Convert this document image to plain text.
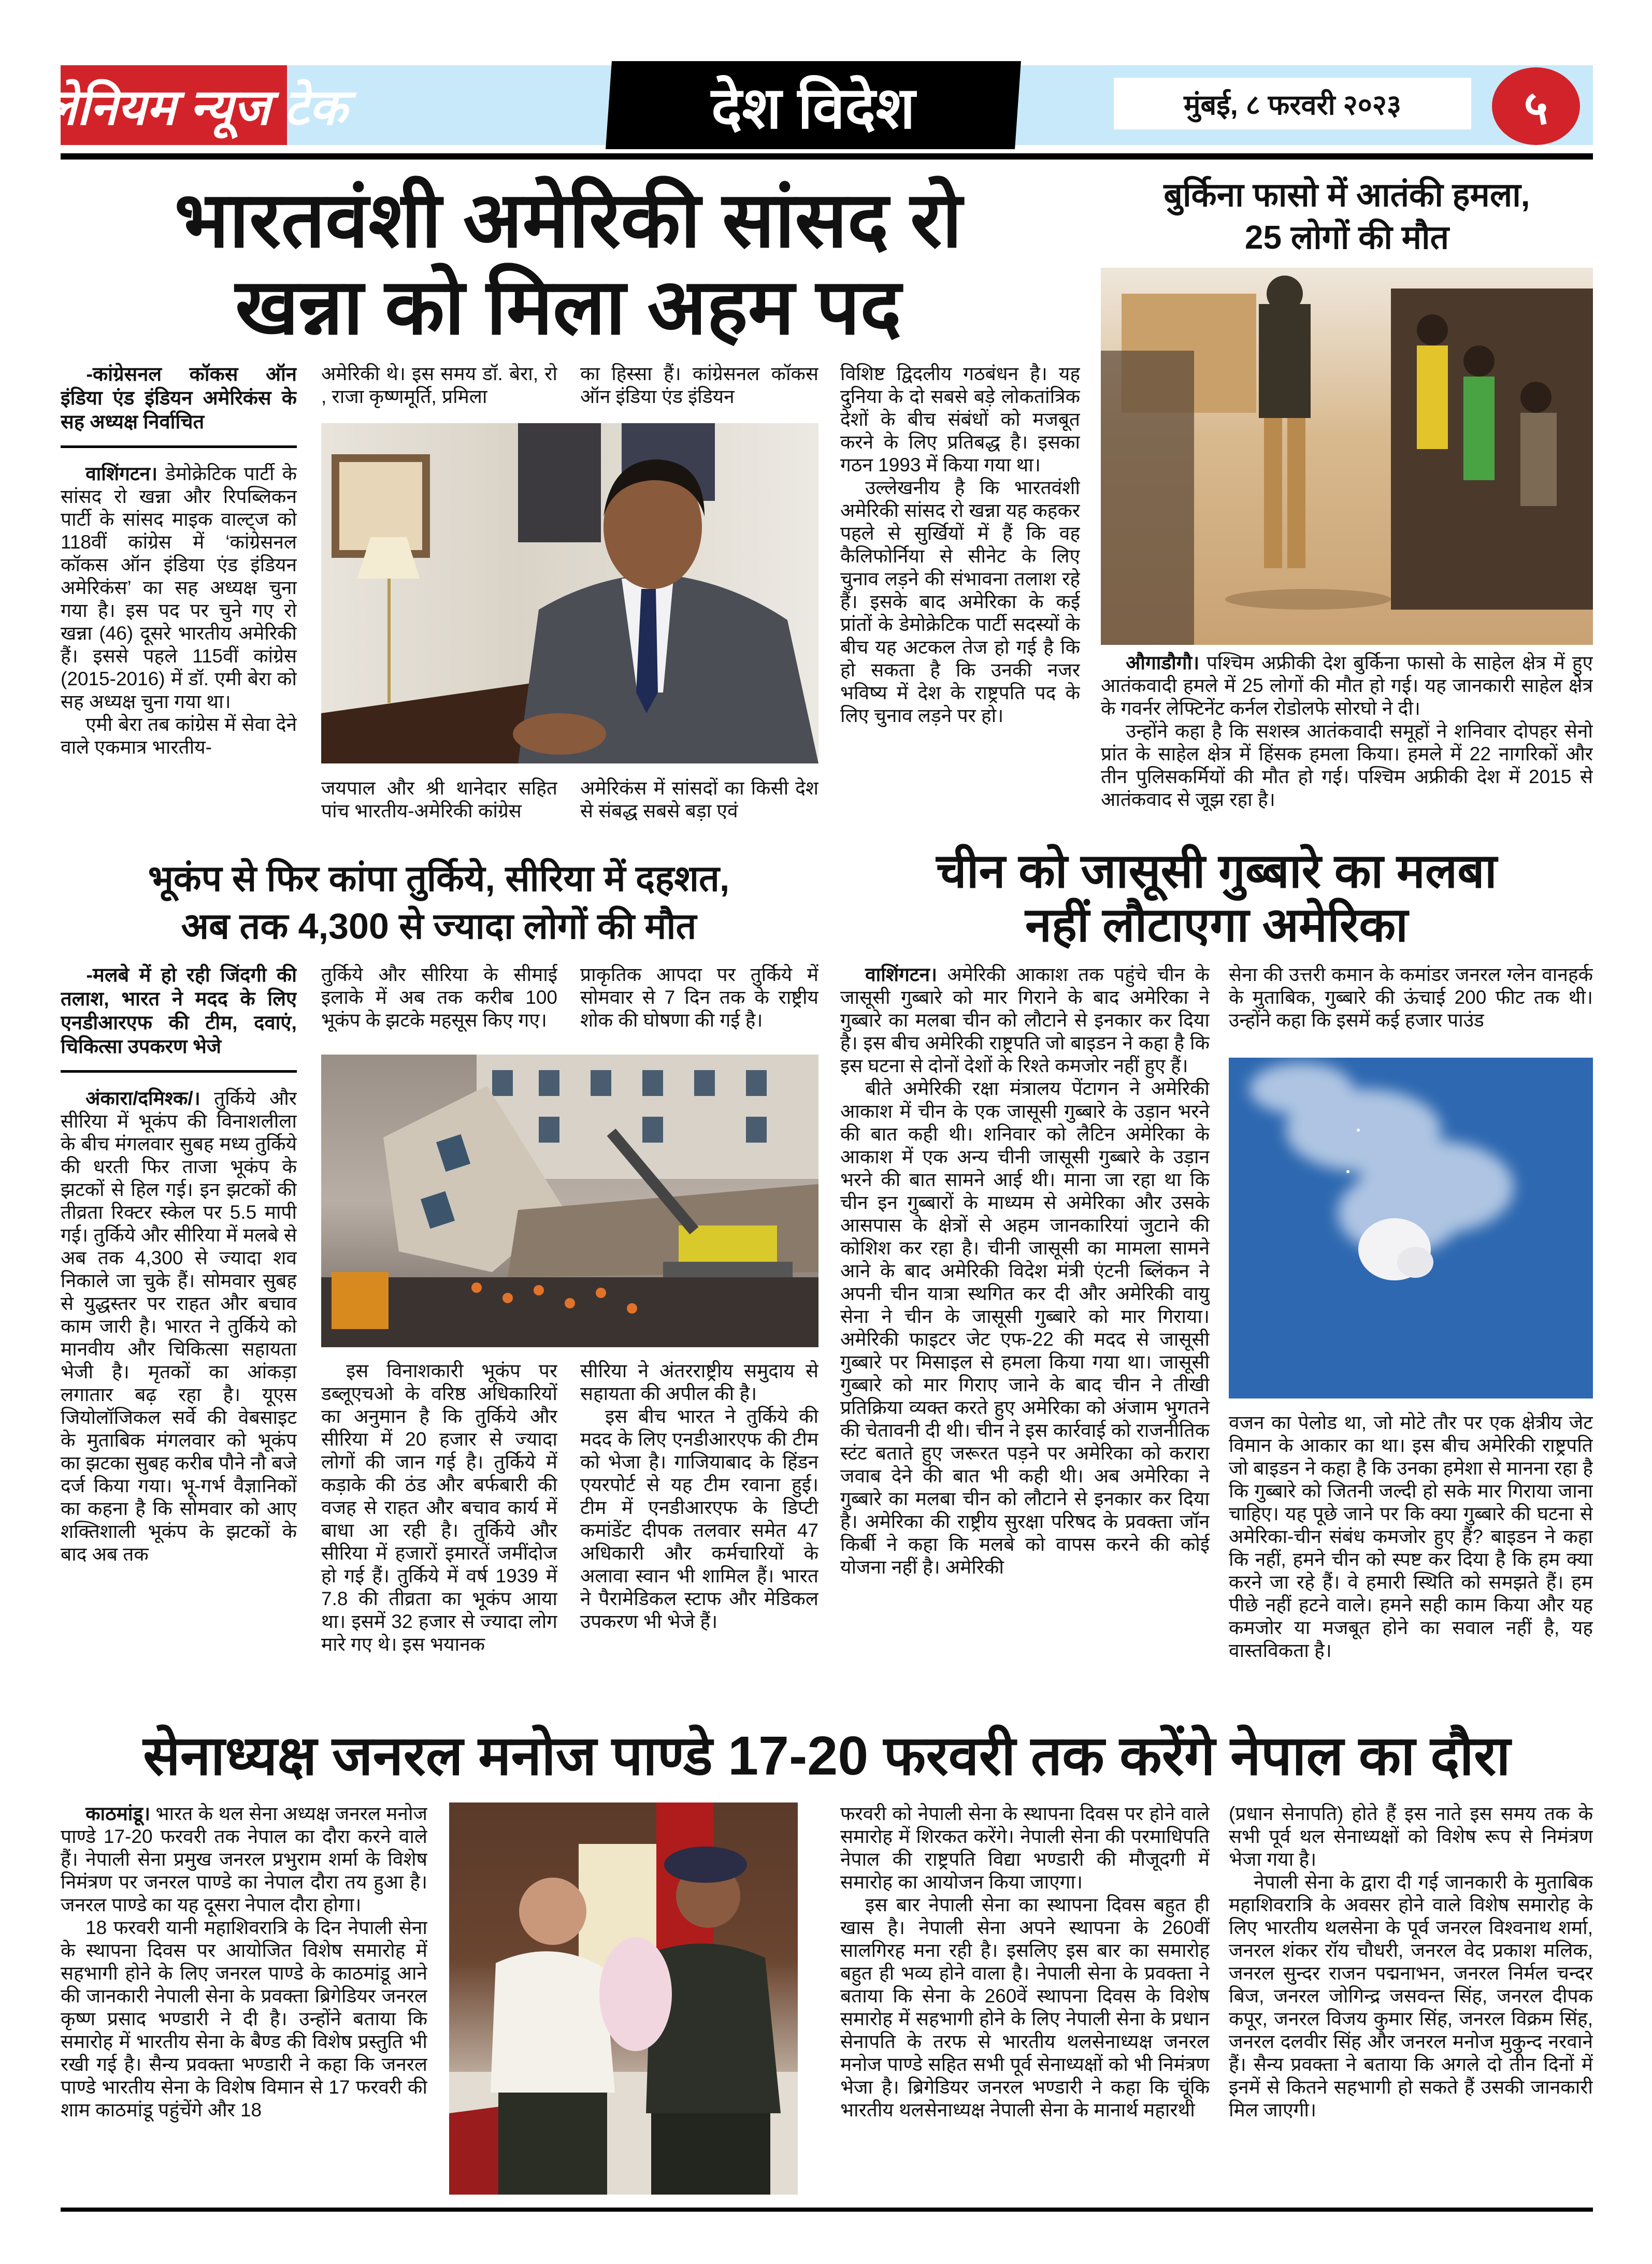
मिलेनियम न्यूज टेक	देश विदेश	मुंबई, ८ फरवरी २०२३	५
भारतवंशी अमेरिकी सांसद रो
खन्ना को मिला अहम पद

-कांग्रेसनल कॉकस ऑन इंडिया एंड इंडियन अमेरिकंस के सह अध्यक्ष निर्वाचित

वाशिंगटन। डेमोक्रेटिक पार्टी के सांसद रो खन्ना और रिपब्लिकन पार्टी के सांसद माइक वाल्ट्ज को 118वीं कांग्रेस में ‘कांग्रेसनल कॉकस ऑन इंडिया एंड इंडियन अमेरिकंस’ का सह अध्यक्ष चुना गया है। इस पद पर चुने गए रो खन्ना (46) दूसरे भारतीय अमेरिकी हैं। इससे पहले 115वीं कांग्रेस (2015-2016) में डॉ. एमी बेरा को सह अध्यक्ष चुना गया था।

एमी बेरा तब कांग्रेस में सेवा देने वाले एकमात्र भारतीय-

अमेरिकी थे। इस समय डॉ. बेरा, रो , राजा कृष्णमूर्ति, प्रमिला

का हिस्सा हैं। कांग्रेसनल कॉकस ऑन इंडिया एंड इंडियन

जयपाल और श्री थानेदार सहित पांच भारतीय-अमेरिकी कांग्रेस

अमेरिकंस में सांसदों का किसी देश से संबद्ध सबसे बड़ा एवं

विशिष्ट द्विदलीय गठबंधन है। यह दुनिया के दो सबसे बड़े लोकतांत्रिक देशों के बीच संबंधों को मजबूत करने के लिए प्रतिबद्ध है। इसका गठन 1993 में किया गया था।

उल्लेखनीय है कि भारतवंशी अमेरिकी सांसद रो खन्ना यह कहकर पहले से सुर्खियों में हैं कि वह कैलिफोर्निया से सीनेट के लिए चुनाव लड़ने की संभावना तलाश रहे हैं। इसके बाद अमेरिका के कई प्रांतों के डेमोक्रेटिक पार्टी सदस्यों के बीच यह अटकल तेज हो गई है कि हो सकता है कि उनकी नजर भविष्य में देश के राष्ट्रपति पद के लिए चुनाव लड़ने पर हो।

बुर्किना फासो में आतंकी हमला,
25 लोगों की मौत

औगाडौगौ। पश्चिम अफ्रीकी देश बुर्किना फासो के साहेल क्षेत्र में हुए आतंकवादी हमले में 25 लोगों की मौत हो गई। यह जानकारी साहेल क्षेत्र के गवर्नर लेफ्टिनेंट कर्नल रोडोलफे सोरघो ने दी।

उन्होंने कहा है कि सशस्त्र आतंकवादी समूहों ने शनिवार दोपहर सेनो प्रांत के साहेल क्षेत्र में हिंसक हमला किया। हमले में 22 नागरिकों और तीन पुलिसकर्मियों की मौत हो गई। पश्चिम अफ्रीकी देश में 2015 से आतंकवाद से जूझ रहा है।

भूकंप से फिर कांपा तुर्किये, सीरिया में दहशत,
अब तक 4,300 से ज्यादा लोगों की मौत

-मलबे में हो रही जिंदगी की तलाश, भारत ने मदद के लिए एनडीआरएफ की टीम, दवाएं, चिकित्सा उपकरण भेजे

अंकारा/दमिश्क/। तुर्किये और सीरिया में भूकंप की विनाशलीला के बीच मंगलवार सुबह मध्य तुर्किये की धरती फिर ताजा भूकंप के झटकों से हिल गई। इन झटकों की तीव्रता रिक्टर स्केल पर 5.5 मापी गई। तुर्किये और सीरिया में मलबे से अब तक 4,300 से ज्यादा शव निकाले जा चुके हैं। सोमवार सुबह से युद्धस्तर पर राहत और बचाव काम जारी है। भारत ने तुर्किये को मानवीय और चिकित्सा सहायता भेजी है। मृतकों का आंकड़ा लगातार बढ़ रहा है। यूएस जियोलॉजिकल सर्वे की वेबसाइट के मुताबिक मंगलवार को भूकंप का झटका सुबह करीब पौने नौ बजे दर्ज किया गया। भू-गर्भ वैज्ञानिकों का कहना है कि सोमवार को आए शक्तिशाली भूकंप के झटकों के बाद अब तक

तुर्किये और सीरिया के सीमाई इलाके में अब तक करीब 100 भूकंप के झटके महसूस किए गए।

प्राकृतिक आपदा पर तुर्किये में सोमवार से 7 दिन तक के राष्ट्रीय शोक की घोषणा की गई है।

इस विनाशकारी भूकंप पर डब्लूएचओ के वरिष्ठ अधिकारियों का अनुमान है कि तुर्किये और सीरिया में 20 हजार से ज्यादा लोगों की जान गई है। तुर्किये में कड़ाके की ठंड और बर्फबारी की वजह से राहत और बचाव कार्य में बाधा आ रही है। तुर्किये और सीरिया में हजारों इमारतें जमींदोज हो गई हैं। तुर्किये में वर्ष 1939 में 7.8 की तीव्रता का भूकंप आया था। इसमें 32 हजार से ज्यादा लोग मारे गए थे। इस भयानक

सीरिया ने अंतरराष्ट्रीय समुदाय से सहायता की अपील की है।

इस बीच भारत ने तुर्किये की मदद के लिए एनडीआरएफ की टीम को भेजा है। गाजियाबाद के हिंडन एयरपोर्ट से यह टीम रवाना हुई। टीम में एनडीआरएफ के डिप्टी कमांडेंट दीपक तलवार समेत 47 अधिकारी और कर्मचारियों के अलावा स्वान भी शामिल हैं। भारत ने पैरामेडिकल स्टाफ और मेडिकल उपकरण भी भेजे हैं।

चीन को जासूसी गुब्बारे का मलबा
नहीं लौटाएगा अमेरिका

वाशिंगटन। अमेरिकी आकाश तक पहुंचे चीन के जासूसी गुब्बारे को मार गिराने के बाद अमेरिका ने गुब्बारे का मलबा चीन को लौटाने से इनकार कर दिया है। इस बीच अमेरिकी राष्ट्रपति जो बाइडन ने कहा है कि इस घटना से दोनों देशों के रिश्ते कमजोर नहीं हुए हैं।

बीते अमेरिकी रक्षा मंत्रालय पेंटागन ने अमेरिकी आकाश में चीन के एक जासूसी गुब्बारे के उड़ान भरने की बात कही थी। शनिवार को लैटिन अमेरिका के आकाश में एक अन्य चीनी जासूसी गुब्बारे के उड़ान भरने की बात सामने आई थी। माना जा रहा था कि चीन इन गुब्बारों के माध्यम से अमेरिका और उसके आसपास के क्षेत्रों से अहम जानकारियां जुटाने की कोशिश कर रहा है। चीनी जासूसी का मामला सामने आने के बाद अमेरिकी विदेश मंत्री एंटनी ब्लिंकन ने अपनी चीन यात्रा स्थगित कर दी और अमेरिकी वायु सेना ने चीन के जासूसी गुब्बारे को मार गिराया। अमेरिकी फाइटर जेट एफ-22 की मदद से जासूसी गुब्बारे पर मिसाइल से हमला किया गया था। जासूसी गुब्बारे को मार गिराए जाने के बाद चीन ने तीखी प्रतिक्रिया व्यक्त करते हुए अमेरिका को अंजाम भुगतने की चेतावनी दी थी। चीन ने इस कार्रवाई को राजनीतिक स्टंट बताते हुए जरूरत पड़ने पर अमेरिका को करारा जवाब देने की बात भी कही थी। अब अमेरिका ने गुब्बारे का मलबा चीन को लौटाने से इनकार कर दिया है। अमेरिका की राष्ट्रीय सुरक्षा परिषद के प्रवक्ता जॉन किर्बी ने कहा कि मलबे को वापस करने की कोई योजना नहीं है। अमेरिकी

सेना की उत्तरी कमान के कमांडर जनरल ग्लेन वानहर्क के मुताबिक, गुब्बारे की ऊंचाई 200 फीट तक थी। उन्होंने कहा कि इसमें कई हजार पाउंड

वजन का पेलोड था, जो मोटे तौर पर एक क्षेत्रीय जेट विमान के आकार का था। इस बीच अमेरिकी राष्ट्रपति जो बाइडन ने कहा है कि उनका हमेशा से मानना रहा है कि गुब्बारे को जितनी जल्दी हो सके मार गिराया जाना चाहिए। यह पूछे जाने पर कि क्या गुब्बारे की घटना से अमेरिका-चीन संबंध कमजोर हुए हैं? बाइडन ने कहा कि नहीं, हमने चीन को स्पष्ट कर दिया है कि हम क्या करने जा रहे हैं। वे हमारी स्थिति को समझते हैं। हम पीछे नहीं हटने वाले। हमने सही काम किया और यह कमजोर या मजबूत होने का सवाल नहीं है, यह वास्तविकता है।

सेनाध्यक्ष जनरल मनोज पाण्डे 17-20 फरवरी तक करेंगे नेपाल का दौरा

काठमांडू। भारत के थल सेना अध्यक्ष जनरल मनोज पाण्डे 17-20 फरवरी तक नेपाल का दौरा करने वाले हैं। नेपाली सेना प्रमुख जनरल प्रभुराम शर्मा के विशेष निमंत्रण पर जनरल पाण्डे का नेपाल दौरा तय हुआ है। जनरल पाण्डे का यह दूसरा नेपाल दौरा होगा।

18 फरवरी यानी महाशिवरात्रि के दिन नेपाली सेना के स्थापना दिवस पर आयोजित विशेष समारोह में सहभागी होने के लिए जनरल पाण्डे के काठमांडू आने की जानकारी नेपाली सेना के प्रवक्ता ब्रिगेडियर जनरल कृष्ण प्रसाद भण्डारी ने दी है। उन्होंने बताया कि समारोह में भारतीय सेना के बैण्ड की विशेष प्रस्तुति भी रखी गई है। सैन्य प्रवक्ता भण्डारी ने कहा कि जनरल पाण्डे भारतीय सेना के विशेष विमान से 17 फरवरी की शाम काठमांडू पहुंचेंगे और 18

फरवरी को नेपाली सेना के स्थापना दिवस पर होने वाले समारोह में शिरकत करेंगे। नेपाली सेना की परमाधिपति नेपाल की राष्ट्रपति विद्या भण्डारी की मौजूदगी में समारोह का आयोजन किया जाएगा।

इस बार नेपाली सेना का स्थापना दिवस बहुत ही खास है। नेपाली सेना अपने स्थापना के 260वीं सालगिरह मना रही है। इसलिए इस बार का समारोह बहुत ही भव्य होने वाला है। नेपाली सेना के प्रवक्ता ने बताया कि सेना के 260वें स्थापना दिवस के विशेष समारोह में सहभागी होने के लिए नेपाली सेना के प्रधान सेनापति के तरफ से भारतीय थलसेनाध्यक्ष जनरल मनोज पाण्डे सहित सभी पूर्व सेनाध्यक्षों को भी निमंत्रण भेजा है। ब्रिगेडियर जनरल भण्डारी ने कहा कि चूंकि भारतीय थलसेनाध्यक्ष नेपाली सेना के मानार्थ महारथी

(प्रधान सेनापति) होते हैं इस नाते इस समय तक के सभी पूर्व थल सेनाध्यक्षों को विशेष रूप से निमंत्रण भेजा गया है।

नेपाली सेना के द्वारा दी गई जानकारी के मुताबिक महाशिवरात्रि के अवसर होने वाले विशेष समारोह के लिए भारतीय थलसेना के पूर्व जनरल विश्वनाथ शर्मा, जनरल शंकर रॉय चौधरी, जनरल वेद प्रकाश मलिक, जनरल सुन्दर राजन पद्मनाभन, जनरल निर्मल चन्दर बिज, जनरल जोगिन्द्र जसवन्त सिंह, जनरल दीपक कपूर, जनरल विजय कुमार सिंह, जनरल विक्रम सिंह, जनरल दलवीर सिंह और जनरल मनोज मुकुन्द नरवाने हैं। सैन्य प्रवक्ता ने बताया कि अगले दो तीन दिनों में इनमें से कितने सहभागी हो सकते हैं उसकी जानकारी मिल जाएगी।
